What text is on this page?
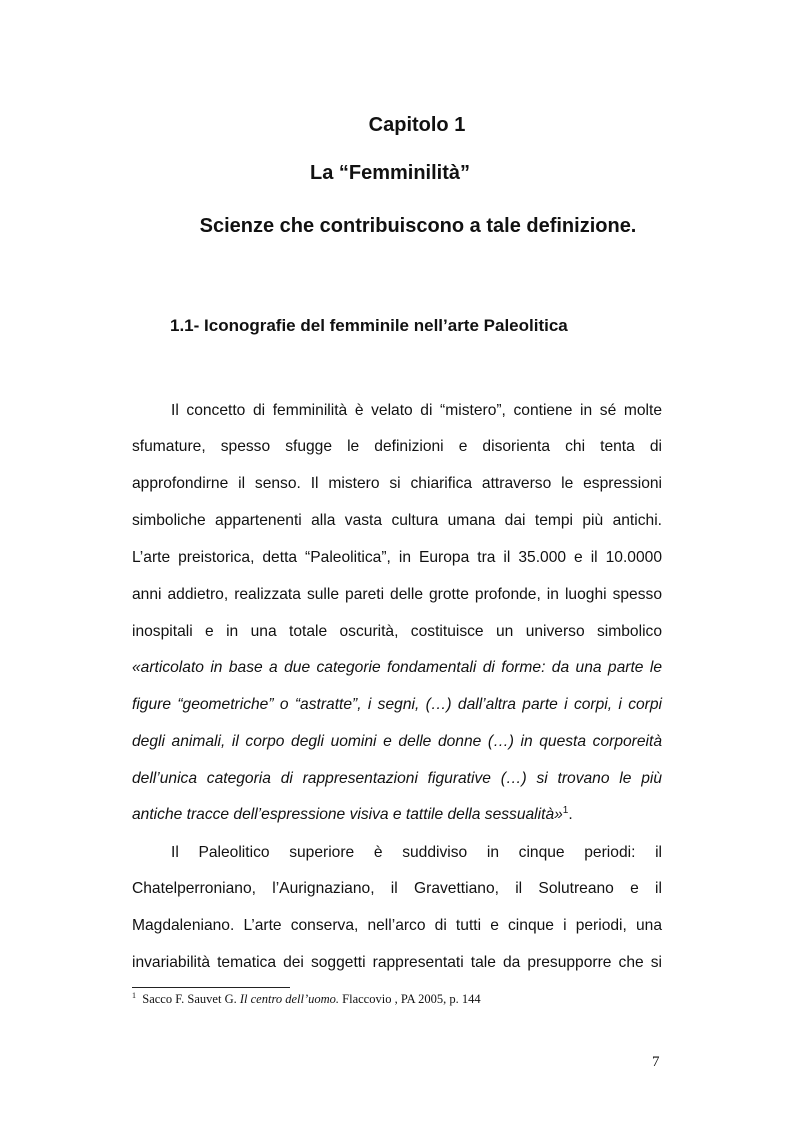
Capitolo 1
La “Femminilità”
Scienze che contribuiscono a tale definizione.
1.1- Iconografie del femminile nell’arte Paleolitica
Il concetto di femminilità è velato di “mistero”, contiene in sé molte
sfumature, spesso sfugge le definizioni e disorienta chi tenta di
approfondirne il senso. Il mistero si chiarifica attraverso le espressioni
simboliche appartenenti alla vasta cultura umana dai tempi più antichi.
L’arte preistorica, detta “Paleolitica”, in Europa tra il 35.000 e il 10.0000
anni addietro, realizzata sulle pareti delle grotte profonde, in luoghi spesso
inospitali e in una totale oscurità, costituisce un universo simbolico
«articolato in base a due categorie fondamentali di forme: da una parte le
figure “geometriche” o “astratte”, i segni, (…) dall’altra parte i corpi, i corpi
degli animali, il corpo degli uomini e delle donne (…) in questa corporeità
dell’unica categoria di rappresentazioni figurative (…) si trovano le più
antiche tracce dell’espressione visiva e tattile della sessualità»$^1$.
Il Paleolitico superiore è suddiviso in cinque periodi: il
Chatelperroniano, l’Aurignaziano, il Gravettiano, il Solutreano e il
Magdaleniano. L’arte conserva, nell’arco di tutti e cinque i periodi, una
invariabilità tematica dei soggetti rappresentati tale da presupporre che si
$^1$ Sacco F. Sauvet G. Il centro dell’uomo. Flaccovio , PA 2005, p. 144
7
